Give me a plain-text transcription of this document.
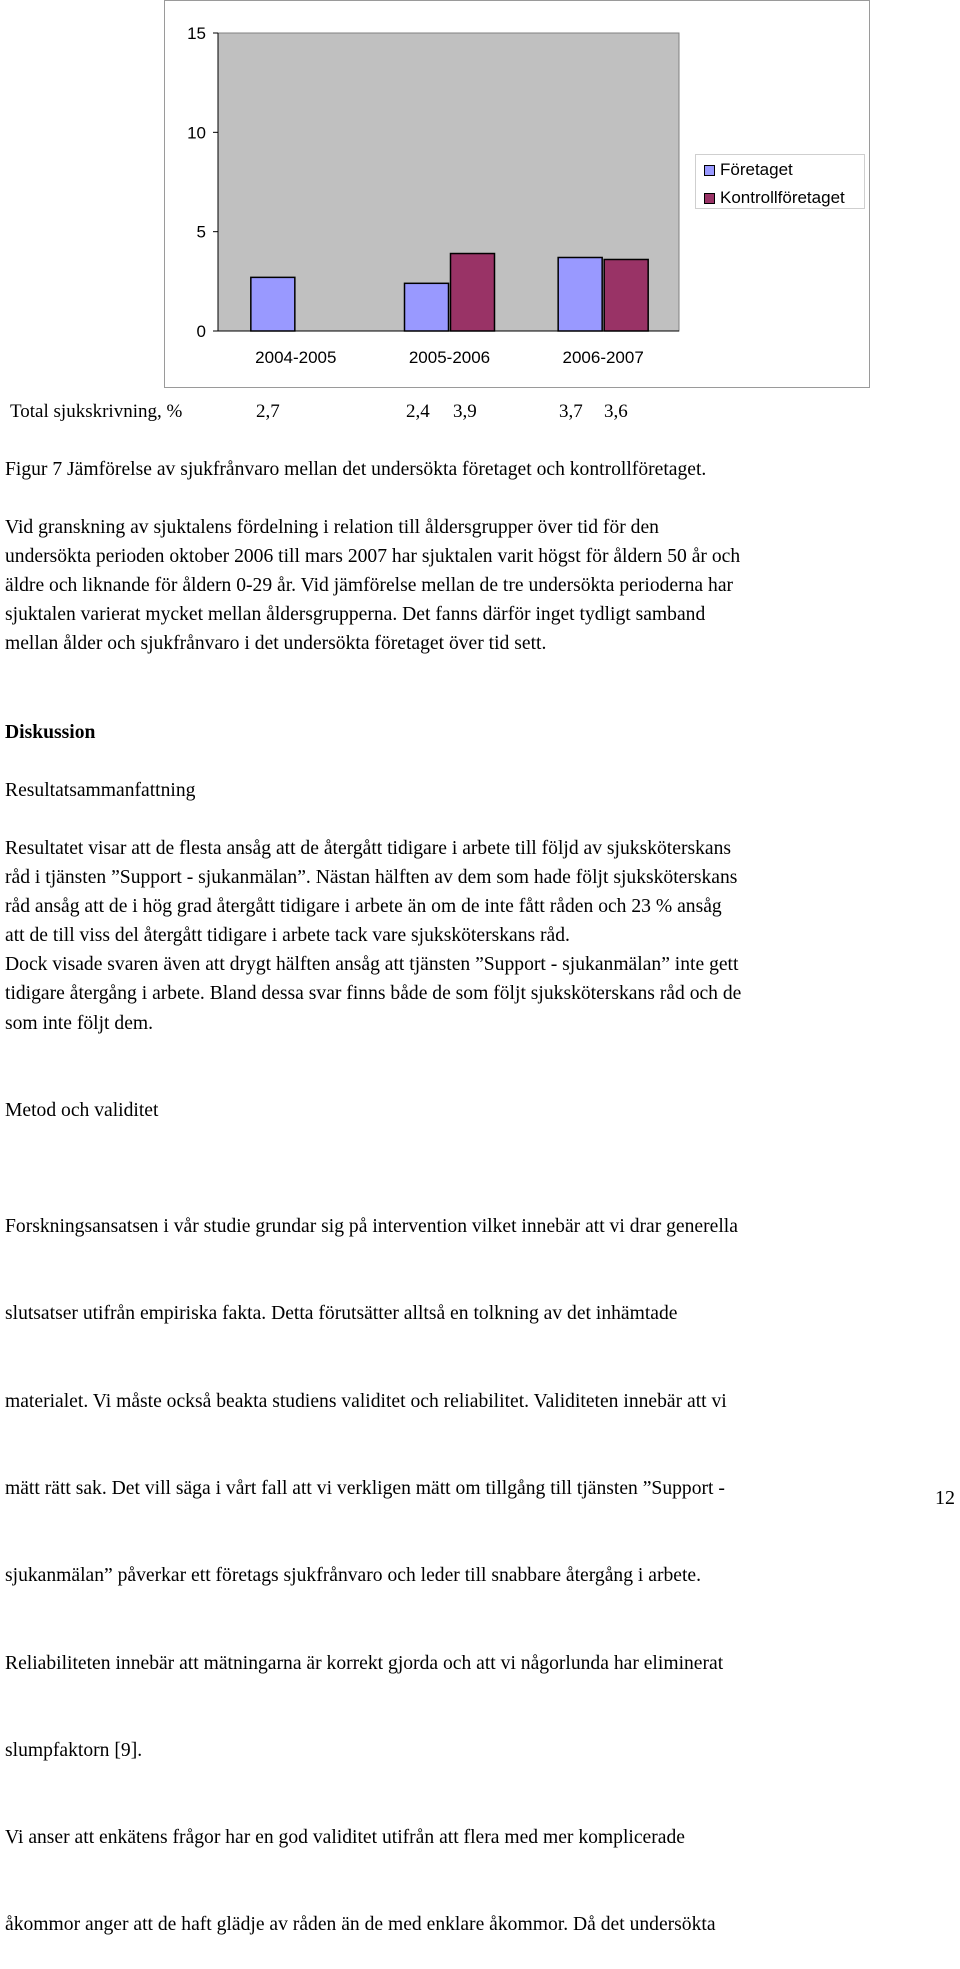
0
5
10
15
2004-2005	2005-2006	2006-2007
Företaget
Kontrollföretaget
Total sjukskrivning, %	2,7	2,4 3,9	3,7 3,6
Figur 7 Jämförelse av sjukfrånvaro mellan det undersökta företaget och kontrollföretaget.
Vid granskning av sjuktalens fördelning i relation till åldersgrupper över tid för den
undersökta perioden oktober 2006 till mars 2007 har sjuktalen varit högst för åldern 50 år och
äldre och liknande för åldern 0-29 år. Vid jämförelse mellan de tre undersökta perioderna har
sjuktalen varierat mycket mellan åldersgrupperna. Det fanns därför inget tydligt samband
mellan ålder och sjukfrånvaro i det undersökta företaget över tid sett.
Diskussion
Resultatsammanfattning
Resultatet visar att de flesta ansåg att de återgått tidigare i arbete till följd av sjuksköterskans
råd i tjänsten ”Support - sjukanmälan”. Nästan hälften av dem som hade följt sjuksköterskans
råd ansåg att de i hög grad återgått tidigare i arbete än om de inte fått råden och 23 % ansåg
att de till viss del återgått tidigare i arbete tack vare sjuksköterskans råd.
Dock visade svaren även att drygt hälften ansåg att tjänsten ”Support - sjukanmälan” inte gett
tidigare återgång i arbete. Bland dessa svar finns både de som följt sjuksköterskans råd och de
som inte följt dem.
Metod och validitet

Forskningsansatsen i vår studie grundar sig på intervention vilket innebär att vi drar generella

slutsatser utifrån empiriska fakta. Detta förutsätter alltså en tolkning av det inhämtade

materialet. Vi måste också beakta studiens validitet och reliabilitet. Validiteten innebär att vi

mätt rätt sak. Det vill säga i vårt fall att vi verkligen mätt om tillgång till tjänsten ”Support -

sjukanmälan” påverkar ett företags sjukfrånvaro och leder till snabbare återgång i arbete.

Reliabiliteten innebär att mätningarna är korrekt gjorda och att vi någorlunda har eliminerat

slumpfaktorn [9].

Vi anser att enkätens frågor har en god validitet utifrån att flera med mer komplicerade

åkommor anger att de haft glädje av råden än de med enklare åkommor. Då det undersökta

12
